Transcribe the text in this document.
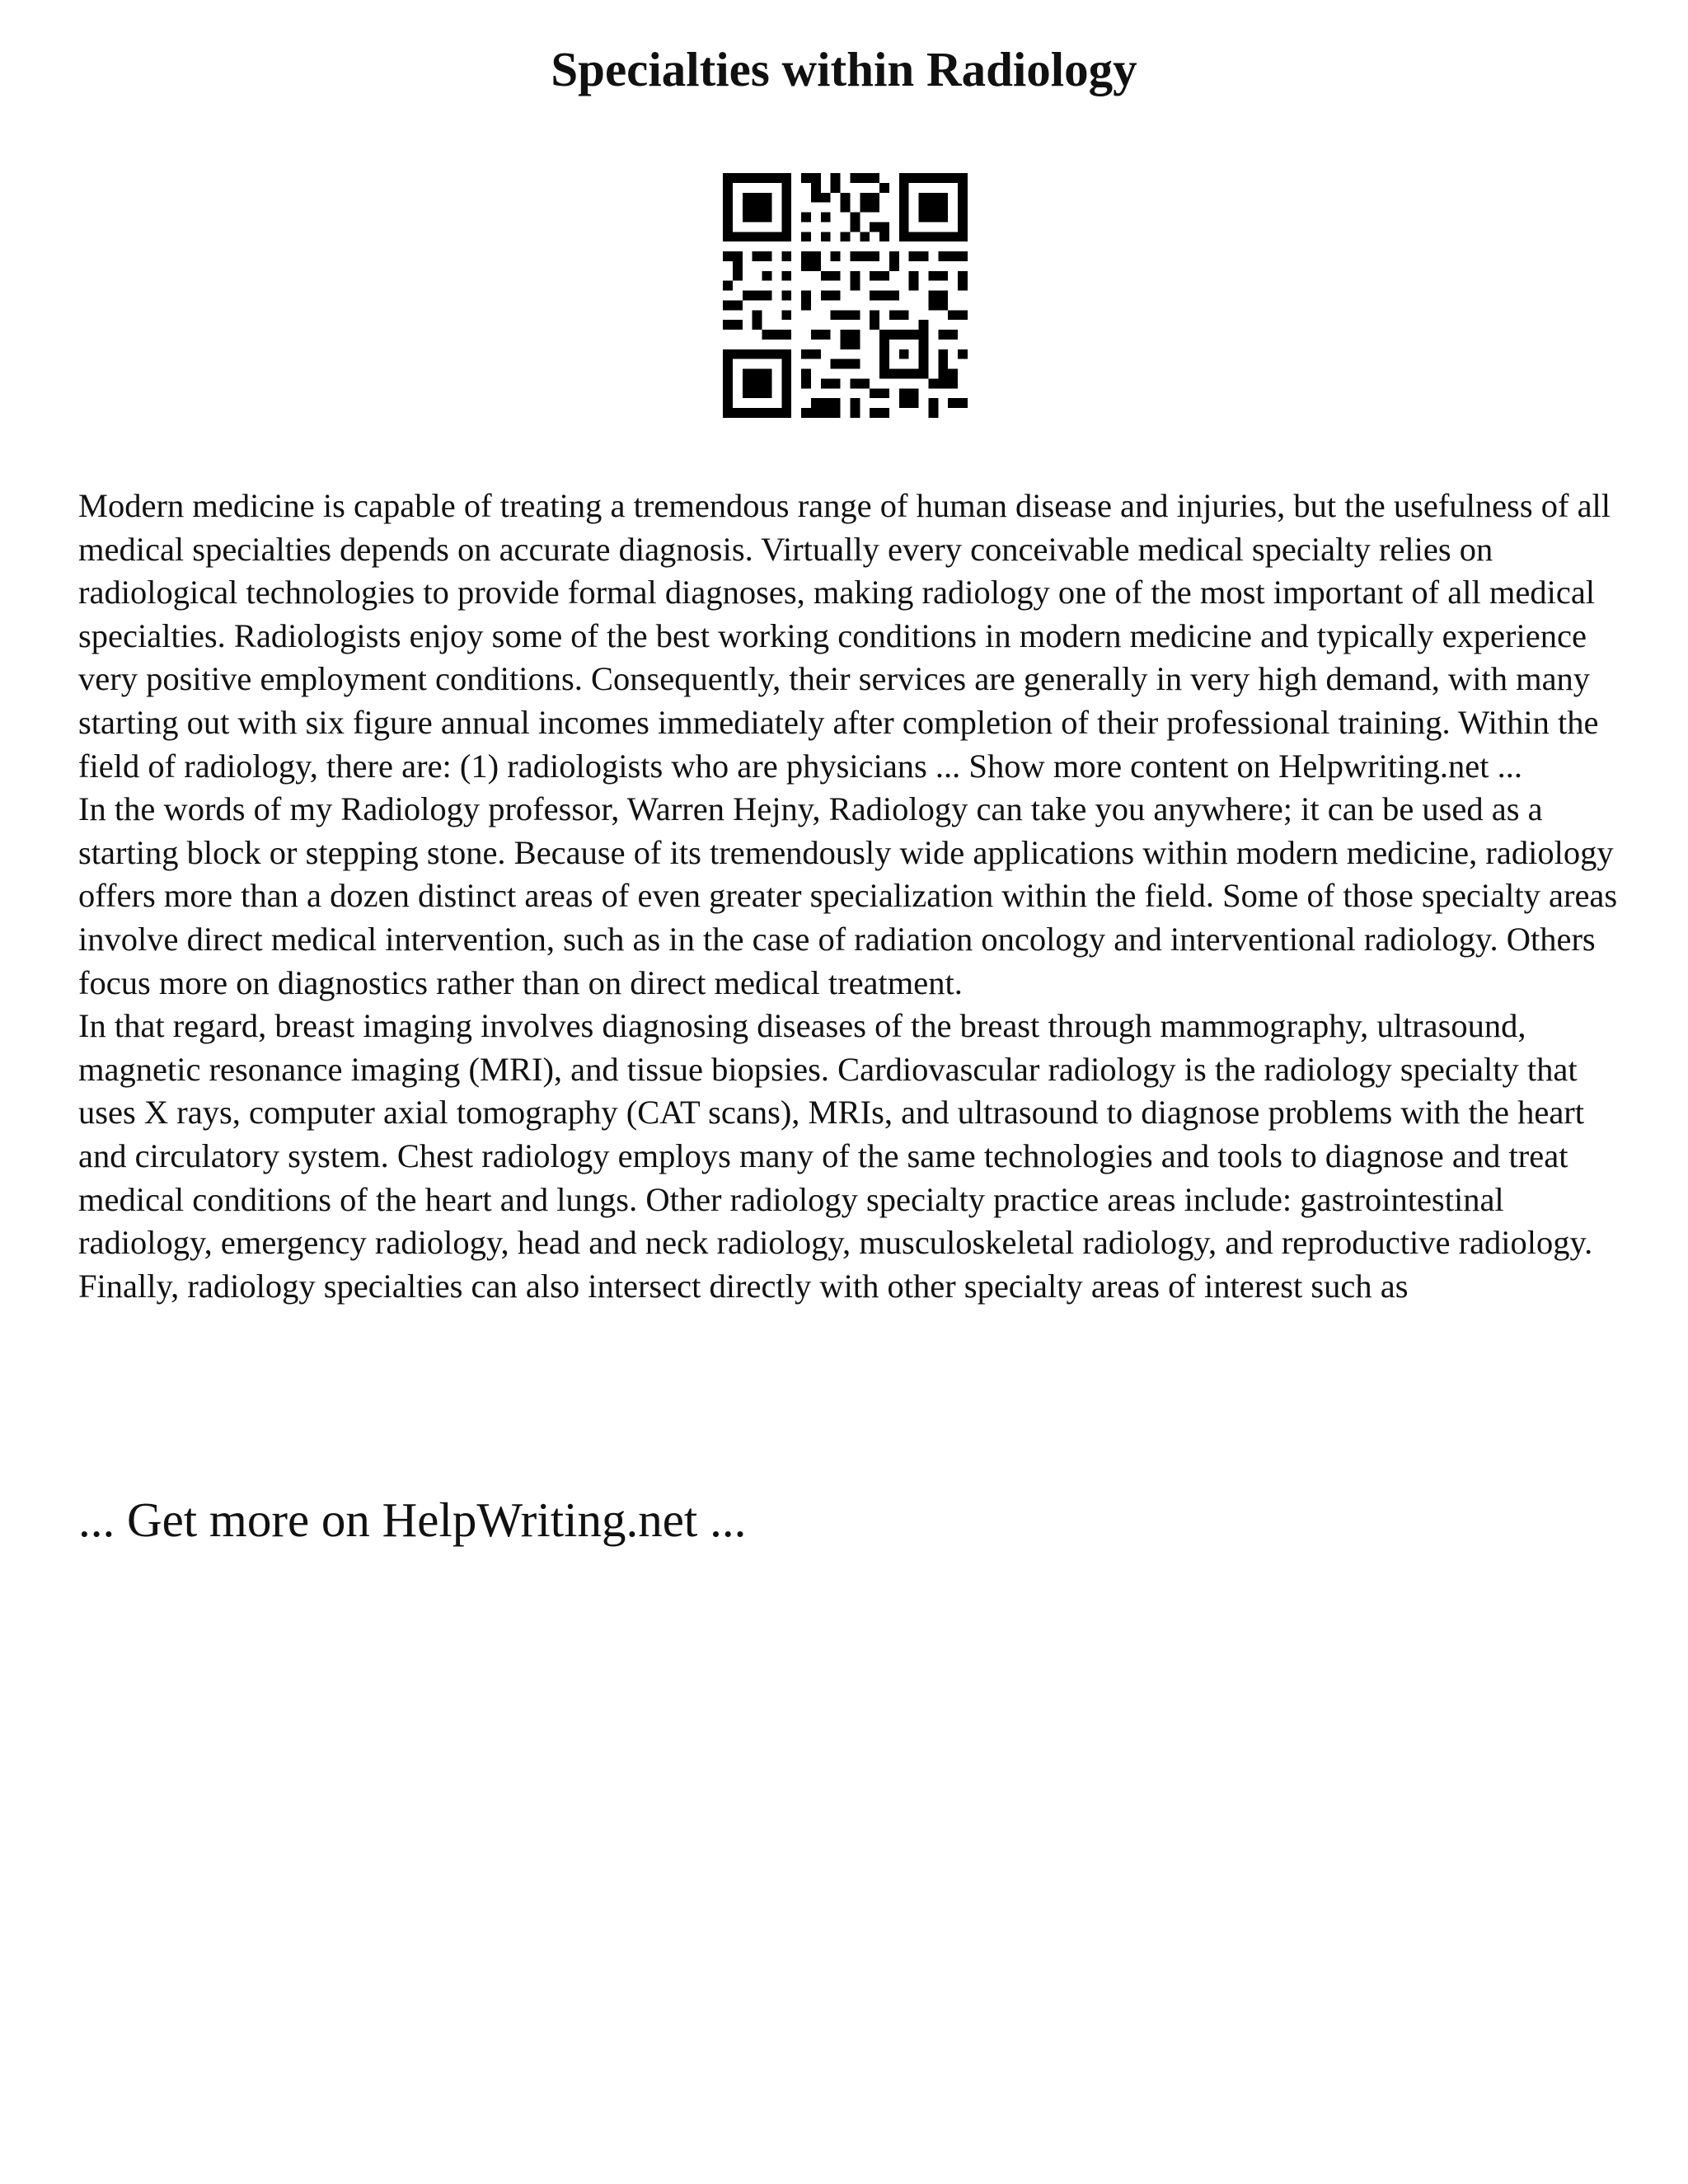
Specialties within Radiology

Modern medicine is capable of treating a tremendous range of human disease and injuries, but the usefulness of all medical specialties depends on accurate diagnosis. Virtually every conceivable medical specialty relies on radiological technologies to provide formal diagnoses, making radiology one of the most important of all medical specialties. Radiologists enjoy some of the best working conditions in modern medicine and typically experience very positive employment conditions. Consequently, their services are generally in very high demand, with many starting out with six figure annual incomes immediately after completion of their professional training. Within the field of radiology, there are: (1) radiologists who are physicians ... Show more content on Helpwriting.net ...

In the words of my Radiology professor, Warren Hejny, Radiology can take you anywhere; it can be used as a starting block or stepping stone. Because of its tremendously wide applications within modern medicine, radiology offers more than a dozen distinct areas of even greater specialization within the field. Some of those specialty areas involve direct medical intervention, such as in the case of radiation oncology and interventional radiology. Others focus more on diagnostics rather than on direct medical treatment.

In that regard, breast imaging involves diagnosing diseases of the breast through mammography, ultrasound, magnetic resonance imaging (MRI), and tissue biopsies. Cardiovascular radiology is the radiology specialty that uses X rays, computer axial tomography (CAT scans), MRIs, and ultrasound to diagnose problems with the heart and circulatory system. Chest radiology employs many of the same technologies and tools to diagnose and treat medical conditions of the heart and lungs. Other radiology specialty practice areas include: gastrointestinal radiology, emergency radiology, head and neck radiology, musculoskeletal radiology, and reproductive radiology. Finally, radiology specialties can also intersect directly with other specialty areas of interest such as

... Get more on HelpWriting.net ...
